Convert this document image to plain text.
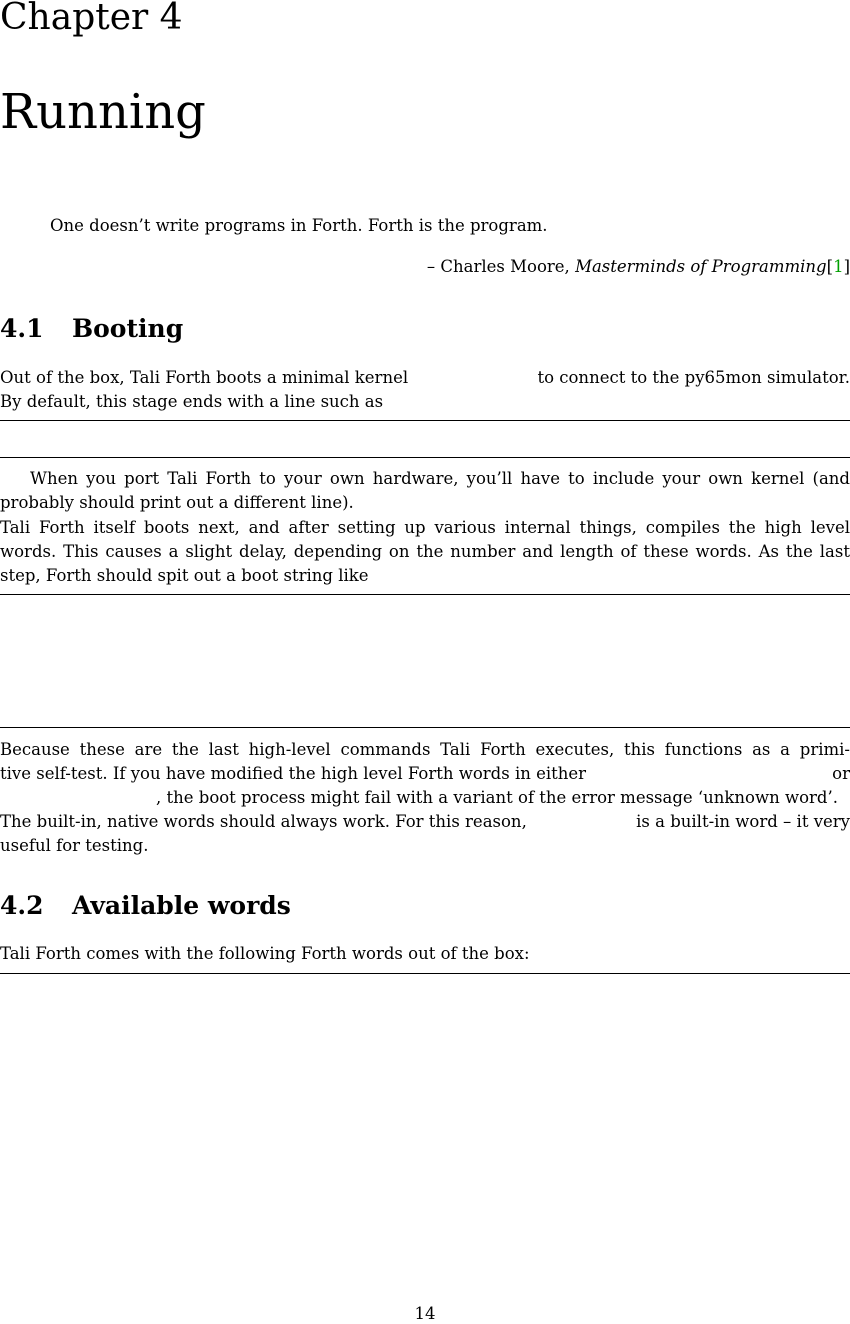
Chapter 4
Running
One doesn’t write programs in Forth. Forth is the program.
– Charles Moore, Masterminds of Programming[1]
4.1 Booting
Out of the box, Tali Forth boots a minimal kernel	to connect to the py65mon simulator.
By default, this stage ends with a line such as
When you port Tali Forth to your own hardware, you’ll have to include your own kernel (and
probably should print out a different line).
Tali Forth itself boots next, and after setting up various internal things, compiles the high level
words. This causes a slight delay, depending on the number and length of these words. As the last
step, Forth should spit out a boot string like
Because these are the last high-level commands Tali Forth executes, this functions as a primi-
tive self-test. If you have modified the high level Forth words in either	or
, the boot process might fail with a variant of the error message ‘unknown word’.
The built-in, native words should always work. For this reason,	is a built-in word – it very
useful for testing.
4.2 Available words
Tali Forth comes with the following Forth words out of the box:
14
